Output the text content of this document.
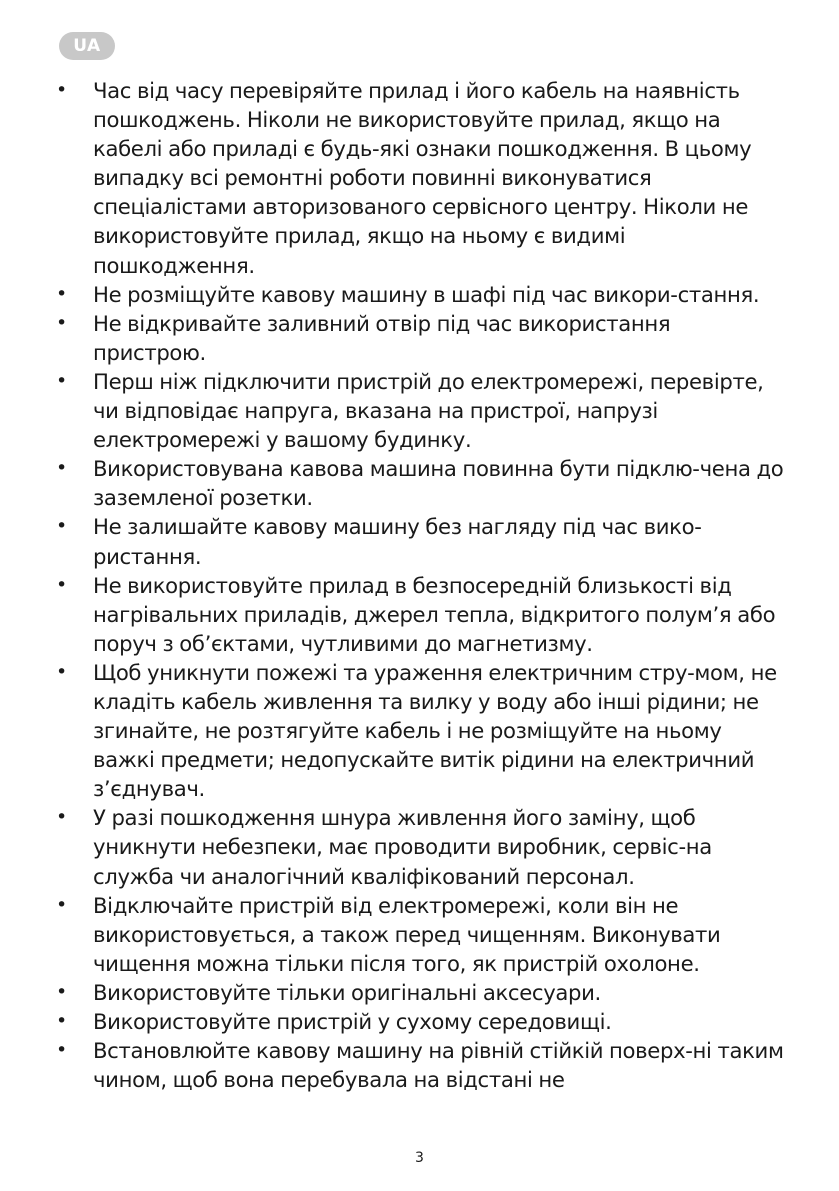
UA
• Час від часу перевіряйте прилад і його кабель на наявність пошкоджень. Ніколи не використовуйте прилад, якщо на кабелі або приладі є будь-які ознаки пошкодження. В цьому випадку всі ремонтні роботи повинні виконуватися спеціалістами авторизованого сервісного центру. Ніколи не використовуйте прилад, якщо на ньому є видимі пошкодження.
• Не розміщуйте кавову машину в шафі під час викори-стання.
• Не відкривайте заливний отвір під час використання пристрою.
• Перш ніж підключити пристрій до електромережі, перевірте, чи відповідає напруга, вказана на пристрої, напрузі електромережі у вашому будинку.
• Використовувана кавова машина повинна бути підклю-чена до заземленої розетки.
• Не залишайте кавову машину без нагляду під час вико-ристання.
• Не використовуйте прилад в безпосередній близькості від нагрівальних приладів, джерел тепла, відкритого полум’я або поруч з об’єктами, чутливими до магнетизму.
• Щоб уникнути пожежі та ураження електричним стру-мом, не кладіть кабель живлення та вилку у воду або інші рідини; не згинайте, не розтягуйте кабель і не розміщуйте на ньому важкі предмети; недопускайте витік рідини на електричний з’єднувач.
• У разі пошкодження шнура живлення його заміну, щоб уникнути небезпеки, має проводити виробник, сервіс-на служба чи аналогічний кваліфікований персонал.
• Відключайте пристрій від електромережі, коли він не використовується, а також перед чищенням. Виконувати чищення можна тільки після того, як пристрій охолоне.
• Використовуйте тільки оригінальні аксесуари.
• Використовуйте пристрій у сухому середовищі.
• Встановлюйте кавову машину на рівній стійкій поверх-ні таким чином, щоб вона перебувала на відстані не
3
